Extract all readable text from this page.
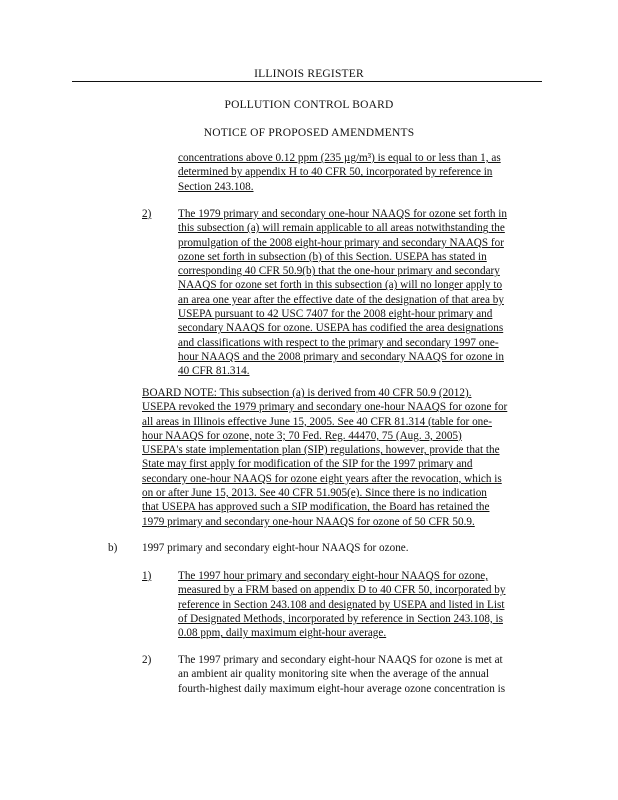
ILLINOIS REGISTER
POLLUTION CONTROL BOARD
NOTICE OF PROPOSED AMENDMENTS
concentrations above 0.12 ppm (235 µg/m³) is equal to or less than 1, as
determined by appendix H to 40 CFR 50, incorporated by reference in
Section 243.108.
2) The 1979 primary and secondary one-hour NAAQS for ozone set forth in
this subsection (a) will remain applicable to all areas notwithstanding the
promulgation of the 2008 eight-hour primary and secondary NAAQS for
ozone set forth in subsection (b) of this Section. USEPA has stated in
corresponding 40 CFR 50.9(b) that the one-hour primary and secondary
NAAQS for ozone set forth in this subsection (a) will no longer apply to
an area one year after the effective date of the designation of that area by
USEPA pursuant to 42 USC 7407 for the 2008 eight-hour primary and
secondary NAAQS for ozone. USEPA has codified the area designations
and classifications with respect to the primary and secondary 1997 one-
hour NAAQS and the 2008 primary and secondary NAAQS for ozone in
40 CFR 81.314.
BOARD NOTE: This subsection (a) is derived from 40 CFR 50.9 (2012).
USEPA revoked the 1979 primary and secondary one-hour NAAQS for ozone for
all areas in Illinois effective June 15, 2005. See 40 CFR 81.314 (table for one-
hour NAAQS for ozone, note 3; 70 Fed. Reg. 44470, 75 (Aug. 3, 2005)
USEPA's state implementation plan (SIP) regulations, however, provide that the
State may first apply for modification of the SIP for the 1997 primary and
secondary one-hour NAAQS for ozone eight years after the revocation, which is
on or after June 15, 2013. See 40 CFR 51.905(e). Since there is no indication
that USEPA has approved such a SIP modification, the Board has retained the
1979 primary and secondary one-hour NAAQS for ozone of 50 CFR 50.9.
b) 1997 primary and secondary eight-hour NAAQS for ozone.
1) The 1997 hour primary and secondary eight-hour NAAQS for ozone,
measured by a FRM based on appendix D to 40 CFR 50, incorporated by
reference in Section 243.108 and designated by USEPA and listed in List
of Designated Methods, incorporated by reference in Section 243.108, is
0.08 ppm, daily maximum eight-hour average.
2) The 1997 primary and secondary eight-hour NAAQS for ozone is met at
an ambient air quality monitoring site when the average of the annual
fourth-highest daily maximum eight-hour average ozone concentration is
